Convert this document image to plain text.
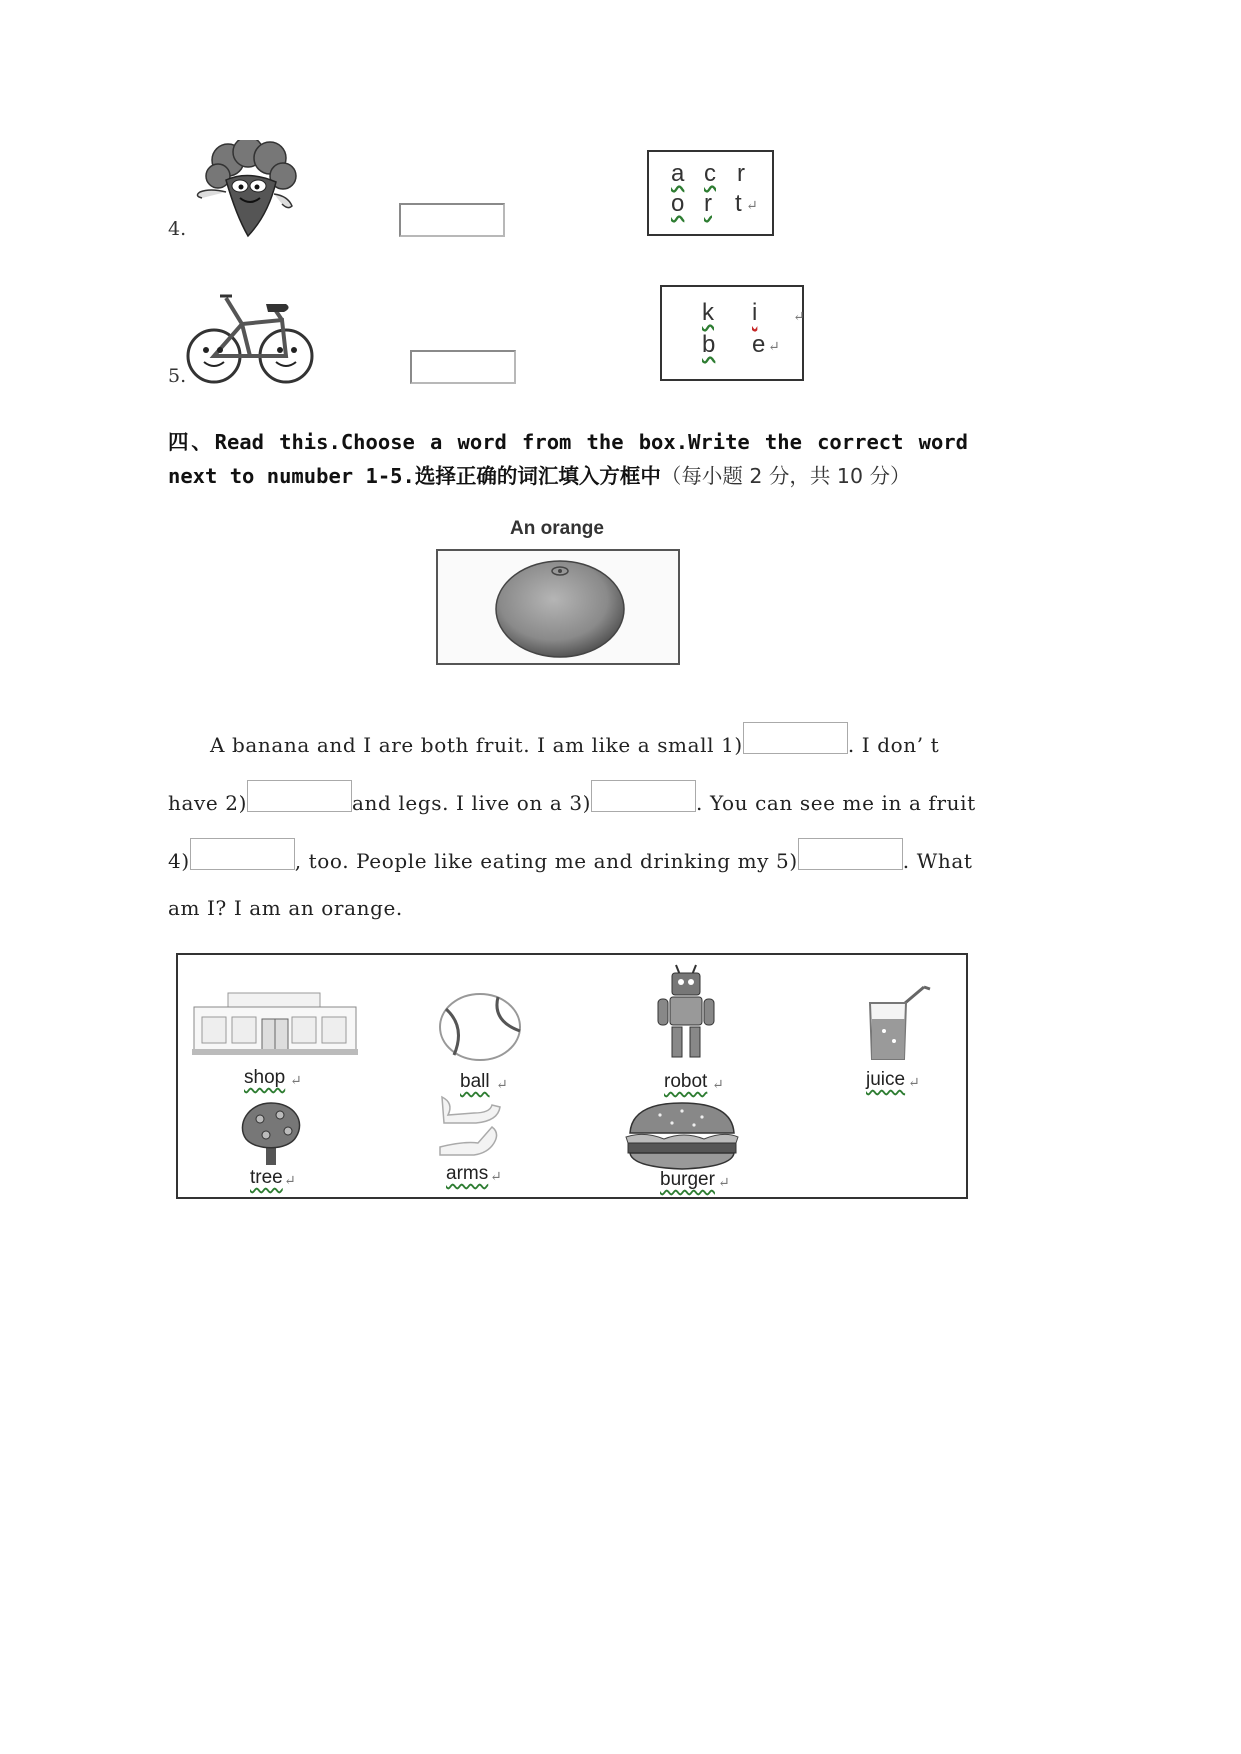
4.
a c r
o r t ↵
5.
k i	↵
b e ↵
四、Read this.Choose a word from the box.Write the correct word next to numuber 1-5.选择正确的词汇填入方框中（每小题 2 分，共 10 分）
An orange
A banana and I are both fruit. I am like a small 1)	. I don’ t
have 2)	and legs. I live on a 3)	. You can see me in a fruit
4)	, too. People like eating me and drinking my 5)	. What
am I? I am an orange.
shop ↵	ball ↵	robot ↵	juice ↵
tree ↵	arms ↵	burger ↵
